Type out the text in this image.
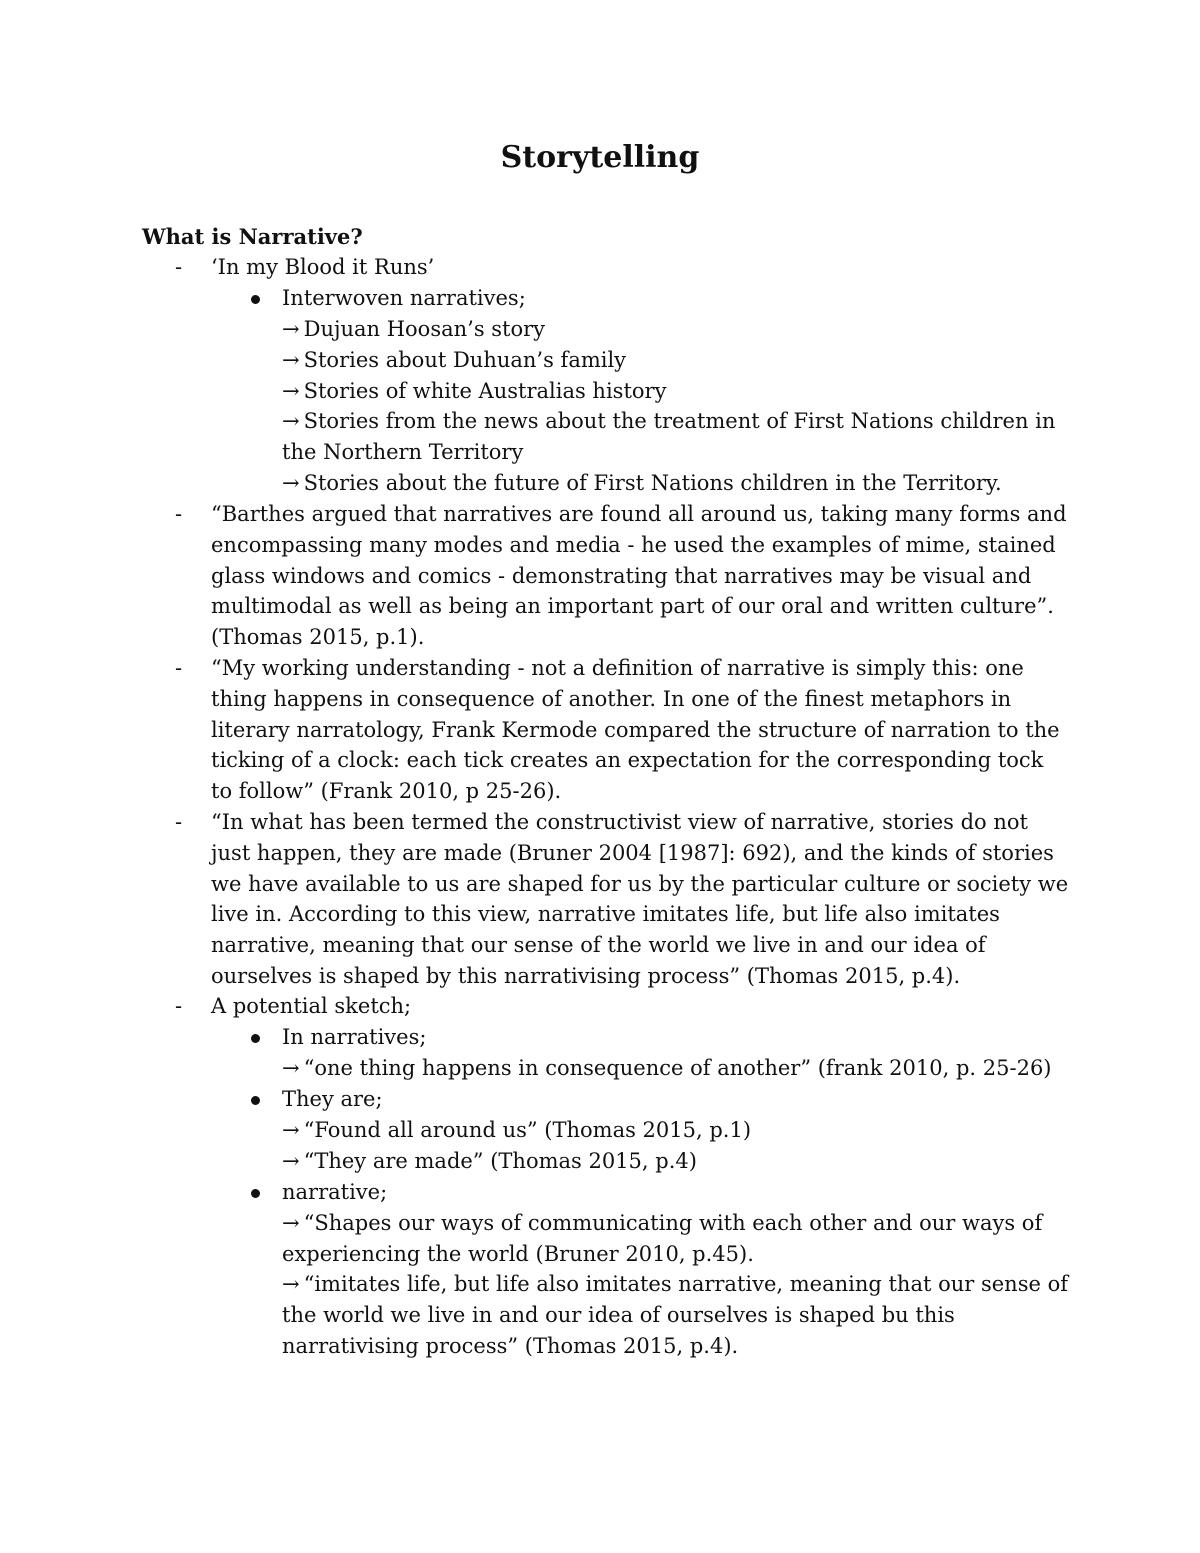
Storytelling
What is Narrative?
- ‘In my Blood it Runs’

Interwoven narratives;

→ Dujuan Hoosan’s story

→ Stories about Duhuan’s family

→ Stories of white Australias history

→ Stories from the news about the treatment of First Nations children in the Northern Territory

→ Stories about the future of First Nations children in the Territory.

- “Barthes argued that narratives are found all around us, taking many forms and encompassing many modes and media - he used the examples of mime, stained glass windows and comics - demonstrating that narratives may be visual and multimodal as well as being an important part of our oral and written culture”. (Thomas 2015, p.1).

- “My working understanding - not a definition of narrative is simply this: one thing happens in consequence of another. In one of the finest metaphors in literary narratology, Frank Kermode compared the structure of narration to the ticking of a clock: each tick creates an expectation for the corresponding tock to follow” (Frank 2010, p 25-26).

- “In what has been termed the constructivist view of narrative, stories do not just happen, they are made (Bruner 2004 [1987]: 692), and the kinds of stories we have available to us are shaped for us by the particular culture or society we live in. According to this view, narrative imitates life, but life also imitates narrative, meaning that our sense of the world we live in and our idea of ourselves is shaped by this narrativising process” (Thomas 2015, p.4).

- A potential sketch;

In narratives;

→ “one thing happens in consequence of another” (frank 2010, p. 25-26)

They are;

→ “Found all around us” (Thomas 2015, p.1)

→ “They are made” (Thomas 2015, p.4)

narrative;

→ “Shapes our ways of communicating with each other and our ways of experiencing the world (Bruner 2010, p.45).

→ “imitates life, but life also imitates narrative, meaning that our sense of the world we live in and our idea of ourselves is shaped bu this narrativising process” (Thomas 2015, p.4).
